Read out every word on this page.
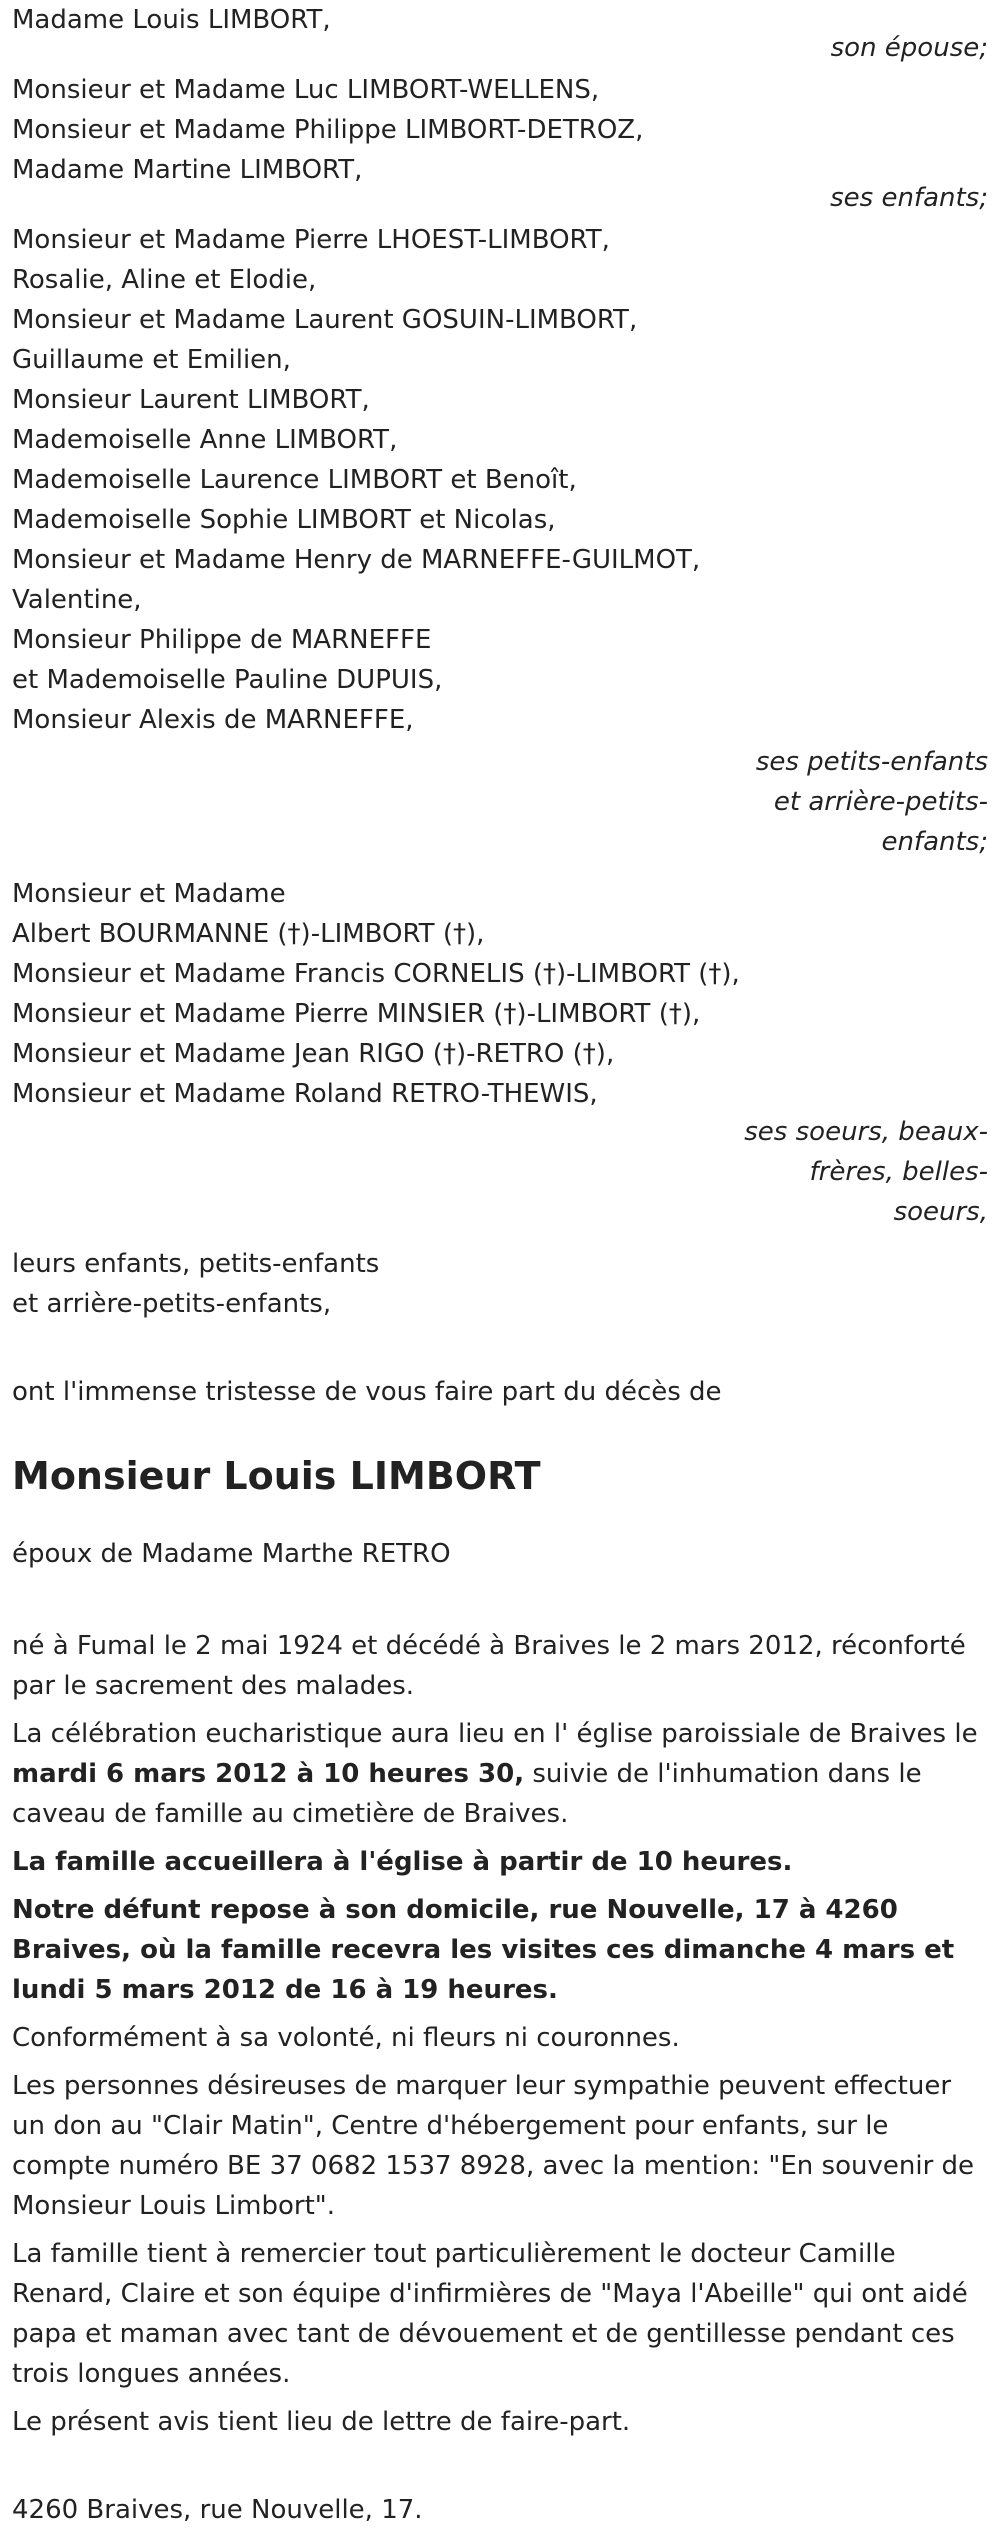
Madame Louis LIMBORT,
son épouse;
Monsieur et Madame Luc LIMBORT-WELLENS,
Monsieur et Madame Philippe LIMBORT-DETROZ,
Madame Martine LIMBORT,
ses enfants;
Monsieur et Madame Pierre LHOEST-LIMBORT,
Rosalie, Aline et Elodie,
Monsieur et Madame Laurent GOSUIN-LIMBORT,
Guillaume et Emilien,
Monsieur Laurent LIMBORT,
Mademoiselle Anne LIMBORT,
Mademoiselle Laurence LIMBORT et Benoît,
Mademoiselle Sophie LIMBORT et Nicolas,
Monsieur et Madame Henry de MARNEFFE-GUILMOT,
Valentine,
Monsieur Philippe de MARNEFFE
et Mademoiselle Pauline DUPUIS,
Monsieur Alexis de MARNEFFE,
ses petits-enfants
et arrière-petits-
enfants;
Monsieur et Madame
Albert BOURMANNE (†)-LIMBORT (†),
Monsieur et Madame Francis CORNELIS (†)-LIMBORT (†),
Monsieur et Madame Pierre MINSIER (†)-LIMBORT (†),
Monsieur et Madame Jean RIGO (†)-RETRO (†),
Monsieur et Madame Roland RETRO-THEWIS,
ses soeurs, beaux-
frères, belles-
soeurs,
leurs enfants, petits-enfants
et arrière-petits-enfants,
ont l'immense tristesse de vous faire part du décès de
Monsieur Louis LIMBORT
époux de Madame Marthe RETRO
né à Fumal le 2 mai 1924 et décédé à Braives le 2 mars 2012, réconforté par le sacrement des malades.
La célébration eucharistique aura lieu en l' église paroissiale de Braives le mardi 6 mars 2012 à 10 heures 30, suivie de l'inhumation dans le caveau de famille au cimetière de Braives.
La famille accueillera à l'église à partir de 10 heures.
Notre défunt repose à son domicile, rue Nouvelle, 17 à 4260 Braives, où la famille recevra les visites ces dimanche 4 mars et lundi 5 mars 2012 de 16 à 19 heures.
Conformément à sa volonté, ni fleurs ni couronnes.
Les personnes désireuses de marquer leur sympathie peuvent effectuer un don au "Clair Matin", Centre d'hébergement pour enfants, sur le compte numéro BE 37 0682 1537 8928, avec la mention: "En souvenir de Monsieur Louis Limbort".
La famille tient à remercier tout particulièrement le docteur Camille Renard, Claire et son équipe d'infirmières de "Maya l'Abeille" qui ont aidé papa et maman avec tant de dévouement et de gentillesse pendant ces trois longues années.
Le présent avis tient lieu de lettre de faire-part.
4260 Braives, rue Nouvelle, 17.
